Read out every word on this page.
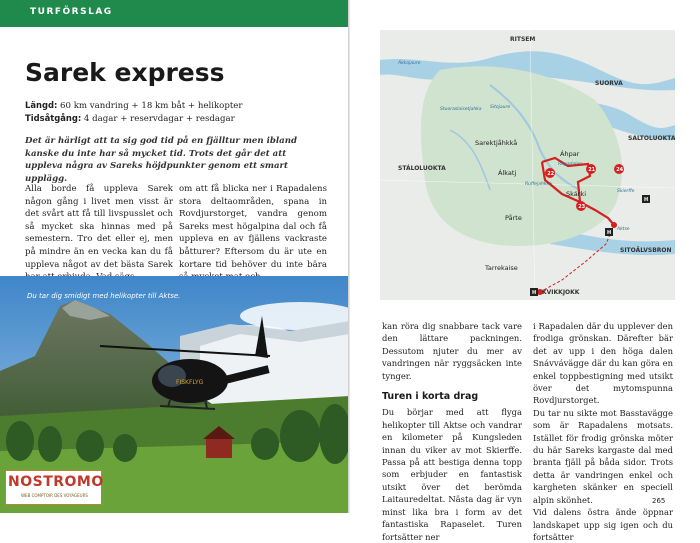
TURFÖRSLAG
Sarek express
Längd: 60 km vandring + 18 km båt + helikopter
Tidsåtgång: 4 dagar + reservdagar + resdagar
Det är härligt att ta sig god tid på en fjälltur men ibland kanske du inte har så mycket tid. Trots det går det att uppleva några av Sareks höjdpunkter genom ett smart upplägg.
Alla borde få uppleva Sarek någon gång i livet men visst är det svårt att få till livspusslet och så mycket ska hinnas med på semestern. Tro det eller ej, men på mindre än en vecka kan du få uppleva något av det bästa Sarek
om att få blicka ner i Rapadalens stora deltaområden, spana in Rovdjurstorget, vandra genom Sareks mest högalpina dal och få uppleva en av fjällens vackraste båtturer? Eftersom du är ute en kortare tid behöver du inte bära
FISKFLYG
Du tar dig smidigt med helikopter till Aktse.
NOSTROMO
WEB COMPTOIR DES VOYAGEURS
21
22
23
24
H
H
H
RITSEM
SUORVA
SALTOLUOKTA
STÁLOLUOKTA
SITOÄLVSBRON
KVIKKJOKK
Sarektjåhkkå
Áhpar
Álkatj
Skárki
Pårte
Tarrekaise
Ákkajaure
Aktse
Skierffe
Sitojaure
Rapadalen
Ruffejahkka
Stuoraslaisetjahka

kan röra dig snabbare tack vare den lättare packningen. Dessutom njuter du mer av vandringen när ryggsäcken inte tynger.

Turen i korta drag

Du börjar med att flyga helikopter till Aktse och vandrar en kilometer på Kungsleden innan du viker av mot Skierffe. Passa på att bestiga denna topp som erbjuder en fantastisk utsikt över det berömda Laitauredeltat. Nästa dag är vyn minst lika bra i form av det fantastiska Rapaselet. Turen fortsätter ner

i Rapadalen där du upplever den frodiga grönskan. Därefter bär det av upp i den höga dalen Snávvávägge där du kan göra en enkel toppbestigning med utsikt över det mytomspunna Rovdjurstorget.
Du tar nu sikte mot Basstavägge som är Rapadalens motsats. Istället för frodig grönska möter du här Sareks kargaste dal med branta fjäll på båda sidor. Trots detta är vandringen enkel och kargheten skänker en speciell alpin skönhet.
Vid dalens östra ände öppnar landskapet upp sig igen och du fortsätter
265
